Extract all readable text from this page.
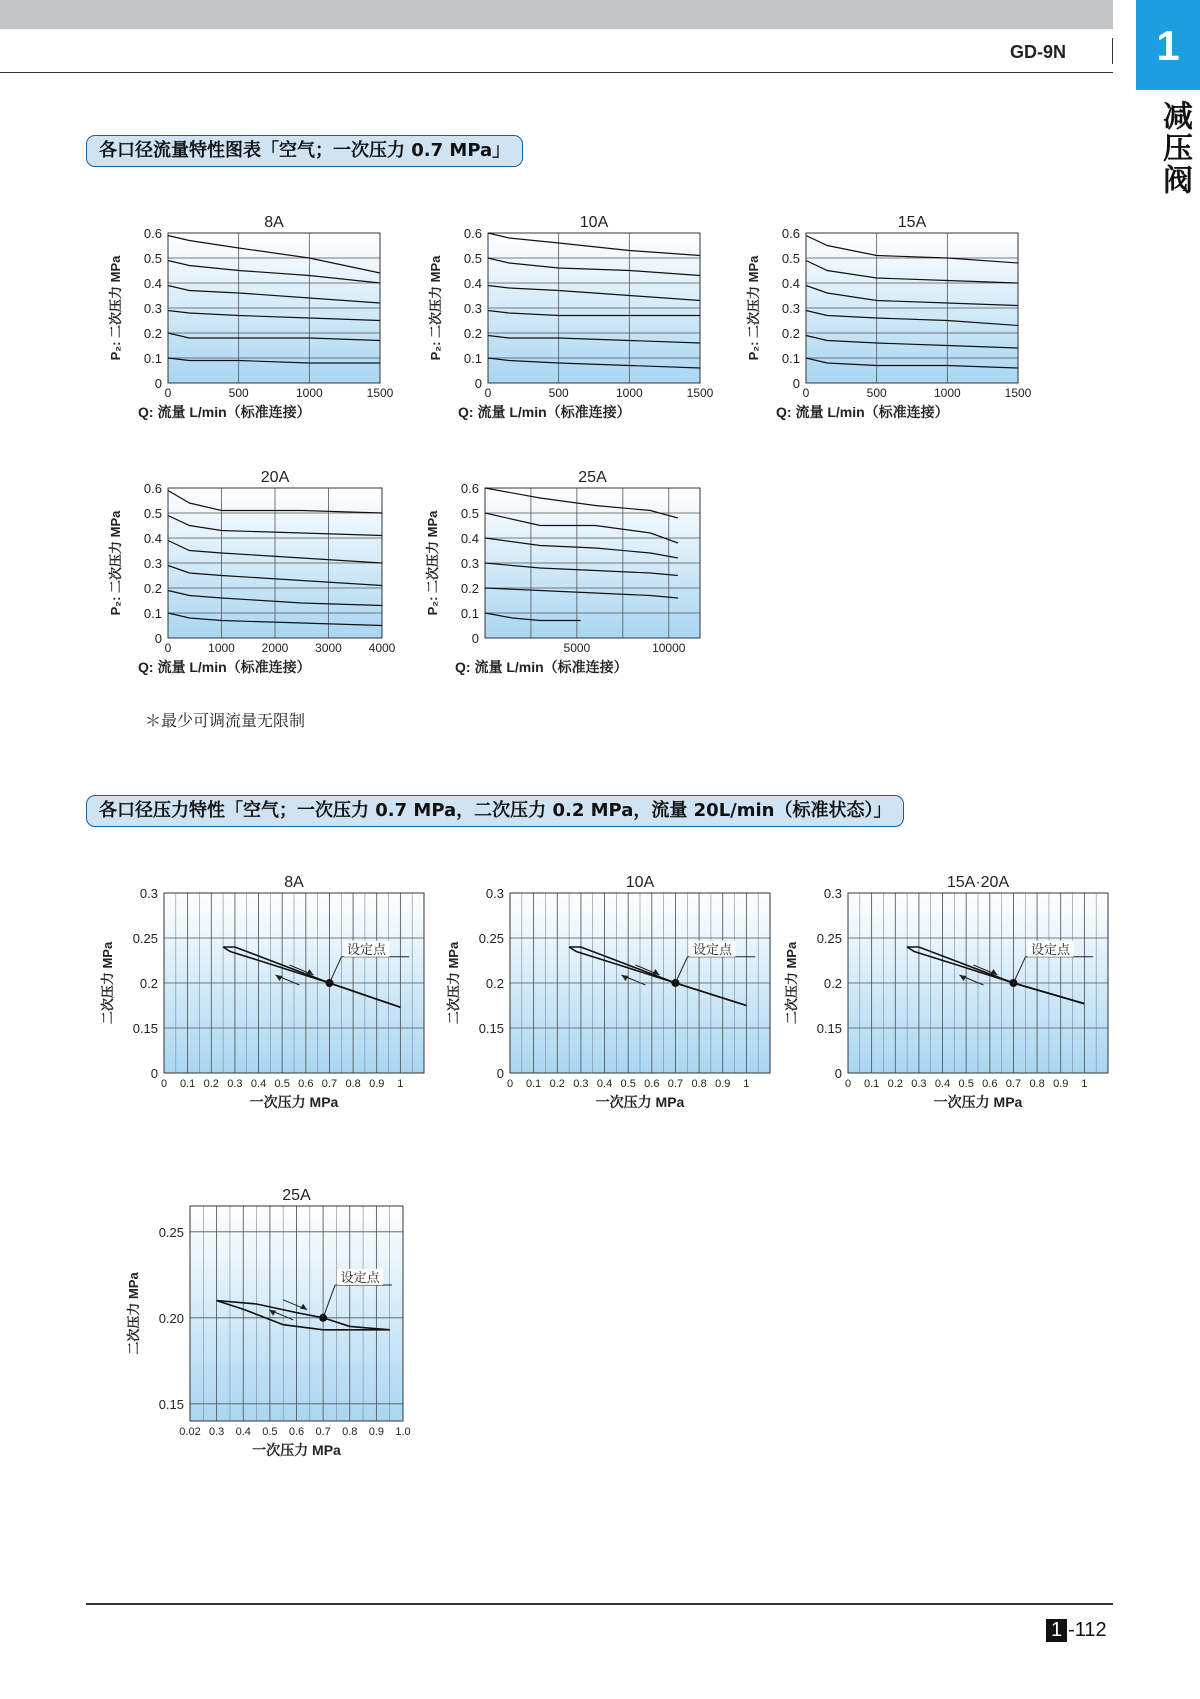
GD-9N	1
减压阀
各口径流量特性图表「空气；一次压力 0.7 MPa」
各口径压力特性「空气；一次压力 0.7 MPa，二次压力 0.2 MPa，流量 20L/min（标准状态）」
＊最少可调流量无限制
0	500	1000	1500
0
0.1
0.2
0.3
0.4
0.5
0.6
8A
Q: 流量 L/min（标准连接）
P₂: 二次压力 MPa
0	500	1000	1500
0
0.1
0.2
0.3
0.4
0.5
0.6
10A
Q: 流量 L/min（标准连接）
P₂: 二次压力 MPa
0	500	1000	1500
0
0.1
0.2
0.3
0.4
0.5
0.6
15A
Q: 流量 L/min（标准连接）
P₂: 二次压力 MPa
0	1000 2000 3000 4000
0
0.1
0.2
0.3
0.4
0.5
0.6
20A
Q: 流量 L/min（标准连接）
P₂: 二次压力 MPa
5000	10000
0
0.1
0.2
0.3
0.4
0.5
0.6
25A
Q: 流量 L/min（标准连接）
P₂: 二次压力 MPa
0 0.1 0.2 0.3 0.4 0.5 0.6 0.7 0.8 0.9 1
0
0.15
0.2
0.25
0.3
设定点
8A
一次压力 MPa
二次压力 MPa
0 0.1 0.2 0.3 0.4 0.5 0.6 0.7 0.8 0.9 1
0
0.15
0.2
0.25
0.3
设定点
10A
一次压力 MPa
二次压力 MPa
0 0.1 0.2 0.3 0.4 0.5 0.6 0.7 0.8 0.9 1
0
0.15
0.2
0.25
0.3
设定点
15A·20A
一次压力 MPa
二次压力 MPa
0.02 0.3 0.4 0.5 0.6 0.7 0.8 0.9 1.0
0.15
0.20
0.25
设定点
25A
一次压力 MPa
二次压力 MPa
1 -112
